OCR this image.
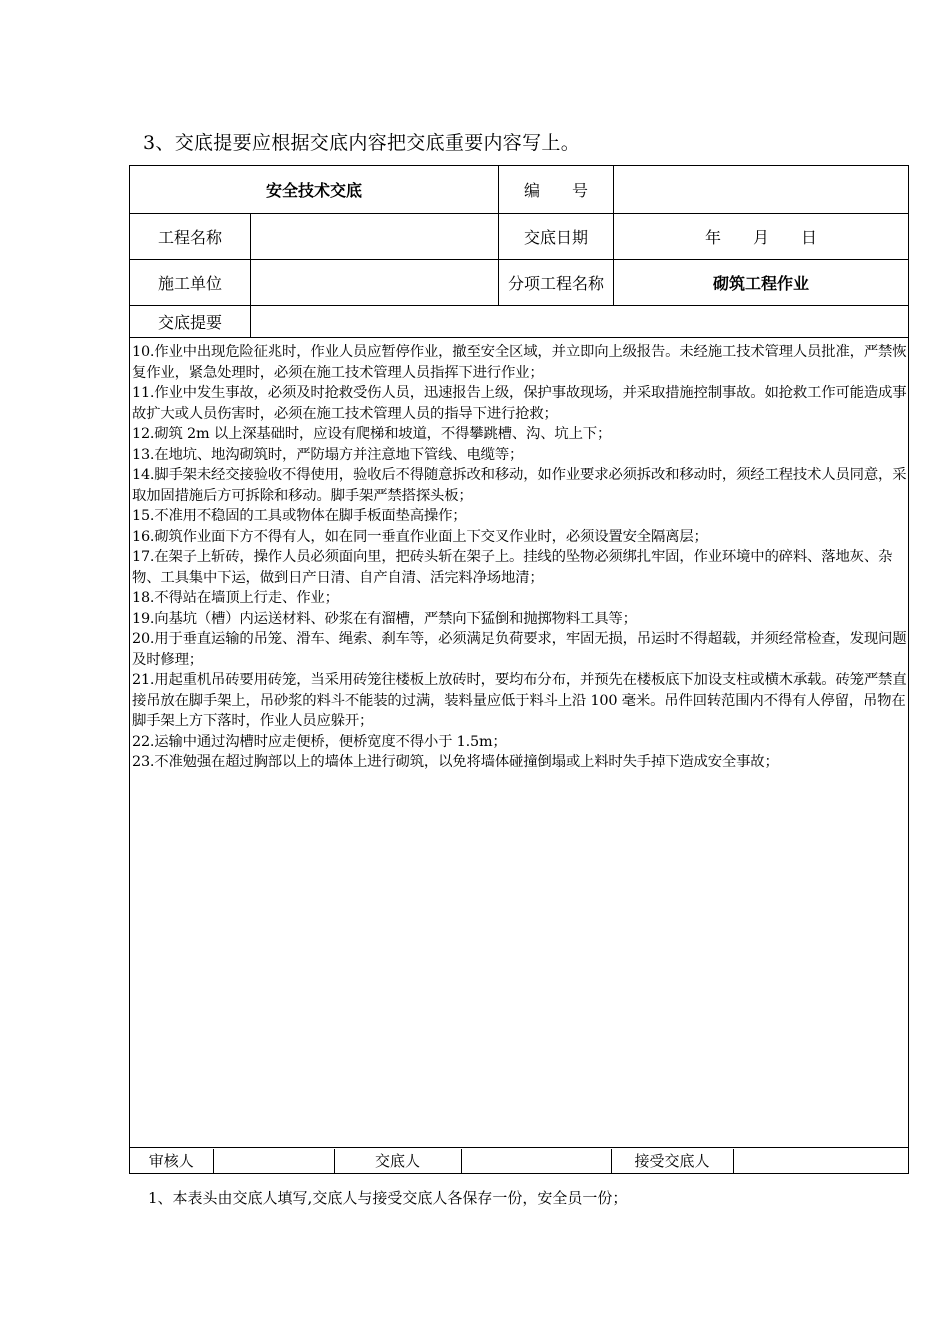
3、交底提要应根据交底内容把交底重要内容写上。
安全技术交底	编　　号	
工程名称		交底日期	年　　月　　日
施工单位		分项工程名称	砌筑工程作业
交底提要	

10.作业中出现危险征兆时，作业人员应暂停作业，撤至安全区域，并立即向上级报告。未经施工技术管理人员批准，严禁恢复作业，紧急处理时，必须在施工技术管理人员指挥下进行作业；

11.作业中发生事故，必须及时抢救受伤人员，迅速报告上级，保护事故现场，并采取措施控制事故。如抢救工作可能造成事故扩大或人员伤害时，必须在施工技术管理人员的指导下进行抢救；

12.砌筑 2m 以上深基础时，应设有爬梯和坡道，不得攀跳槽、沟、坑上下；

13.在地坑、地沟砌筑时，严防塌方并注意地下管线、电缆等；

14.脚手架未经交接验收不得使用，验收后不得随意拆改和移动，如作业要求必须拆改和移动时，须经工程技术人员同意，采取加固措施后方可拆除和移动。脚手架严禁搭探头板；

15.不准用不稳固的工具或物体在脚手板面垫高操作；

16.砌筑作业面下方不得有人，如在同一垂直作业面上下交叉作业时，必须设置安全隔离层；

17.在架子上斩砖，操作人员必须面向里，把砖头斩在架子上。挂线的坠物必须绑扎牢固，作业环境中的碎料、落地灰、杂物、工具集中下运，做到日产日清、自产自清、活完料净场地清；

18.不得站在墙顶上行走、作业；

19.向基坑（槽）内运送材料、砂浆在有溜槽，严禁向下猛倒和抛掷物料工具等；

20.用于垂直运输的吊笼、滑车、绳索、刹车等，必须满足负荷要求，牢固无损，吊运时不得超载，并须经常检查，发现问题及时修理；

21.用起重机吊砖要用砖笼，当采用砖笼往楼板上放砖时，要均布分布，并预先在楼板底下加设支柱或横木承载。砖笼严禁直接吊放在脚手架上，吊砂浆的料斗不能装的过满，装料量应低于料斗上沿 100 毫米。吊件回转范围内不得有人停留，吊物在脚手架上方下落时，作业人员应躲开；

22.运输中通过沟槽时应走便桥，便桥宽度不得小于 1.5m；

23.不准勉强在超过胸部以上的墙体上进行砌筑，以免将墙体碰撞倒塌或上料时失手掉下造成安全事故；

审核人		交底人		接受交底人	
1、本表头由交底人填写,交底人与接受交底人各保存一份，安全员一份；
